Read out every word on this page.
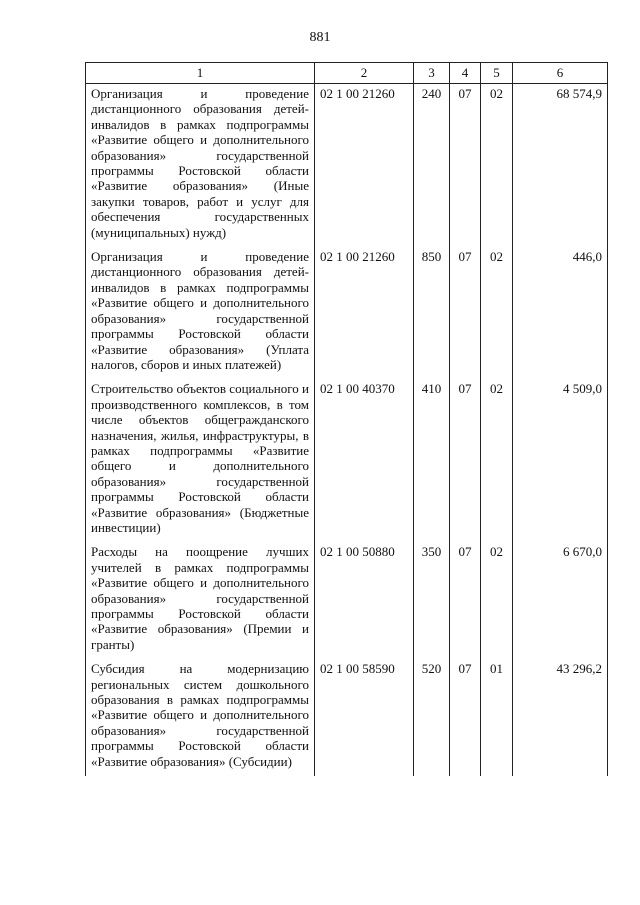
881
1	2	3	4	5	6
Организация и проведение дистанционного образования детей-инвалидов в рамках подпрограммы «Развитие общего и дополнительного образования» государственной программы Ростовской области «Развитие образования» (Иные закупки товаров, работ и услуг для обеспечения государственных (муниципальных) нужд)	02 1 00 21260	240	07	02	68 574,9
Организация и проведение дистанционного образования детей-инвалидов в рамках подпрограммы «Развитие общего и дополнительного образования» государственной программы Ростовской области «Развитие образования» (Уплата налогов, сборов и иных платежей)	02 1 00 21260	850	07	02	446,0
Строительство объектов социального и производственного комплексов, в том числе объектов общегражданского назначения, жилья, инфраструктуры, в рамках подпрограммы «Развитие общего и дополнительного образования» государственной программы Ростовской области «Развитие образования» (Бюджетные инвестиции)	02 1 00 40370	410	07	02	4 509,0
Расходы на поощрение лучших учителей в рамках подпрограммы «Развитие общего и дополнительного образования» государственной программы Ростовской области «Развитие образования» (Премии и гранты)	02 1 00 50880	350	07	02	6 670,0
Субсидия на модернизацию региональных систем дошкольного образования в рамках подпрограммы «Развитие общего и дополнительного образования» государственной программы Ростовской области «Развитие образования» (Субсидии)	02 1 00 58590	520	07	01	43 296,2
